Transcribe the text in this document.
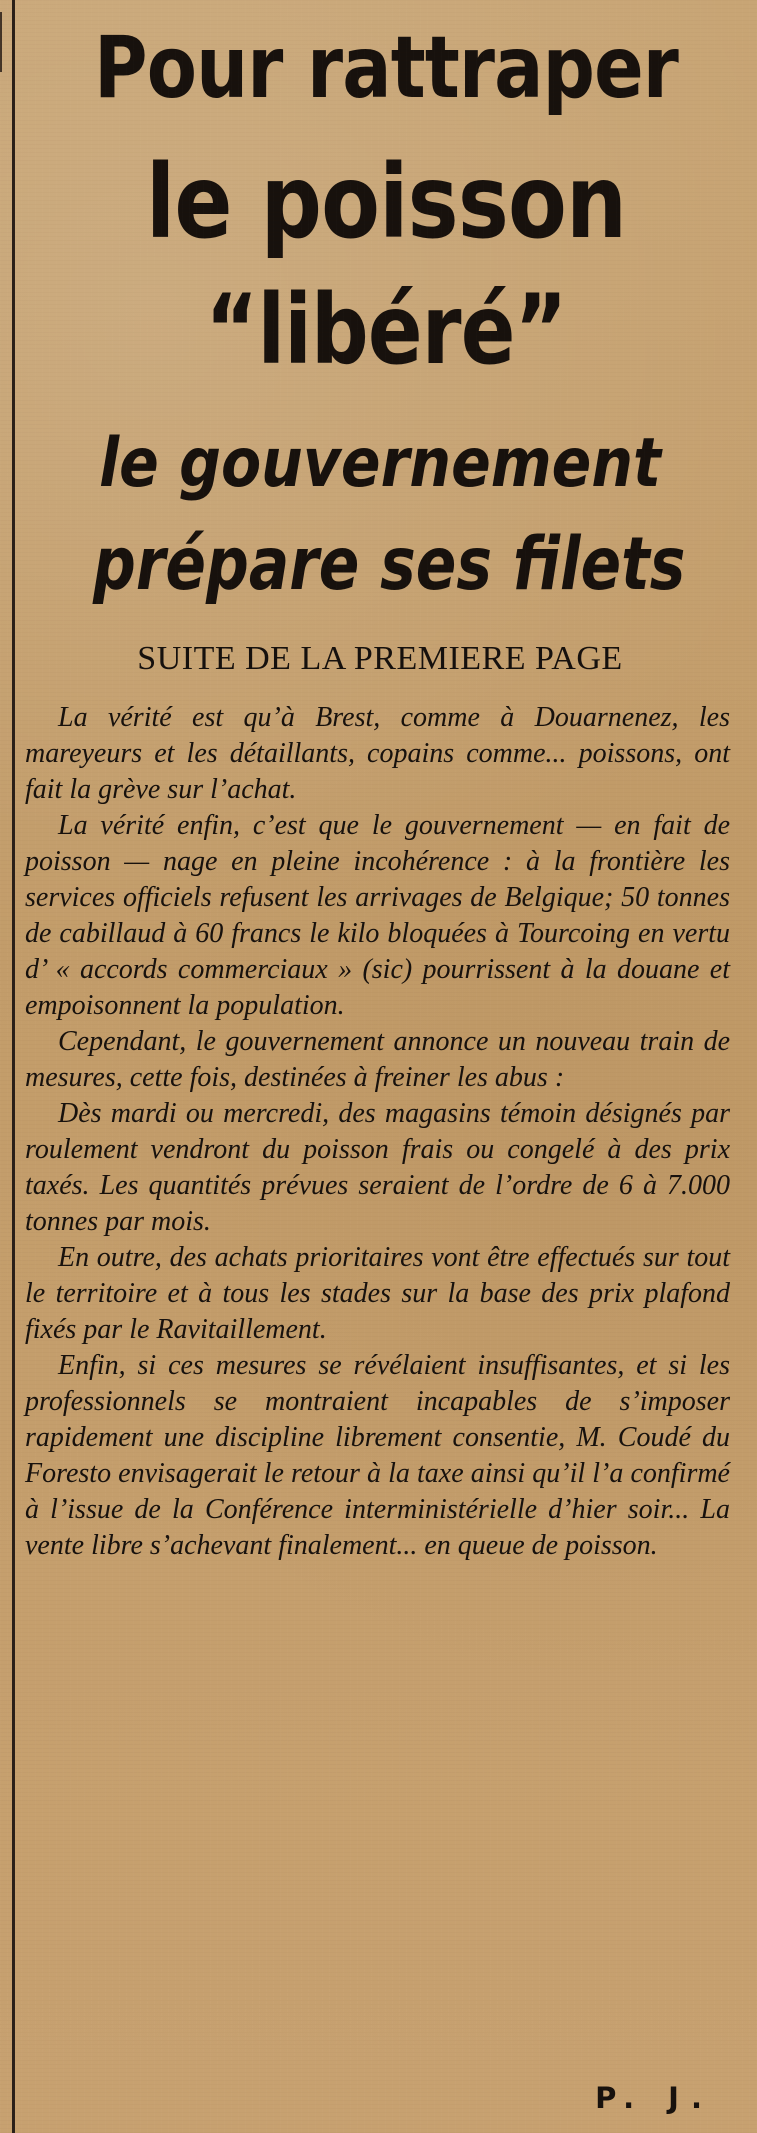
Pour rattraper
le poisson
“libéré”
le gouvernement
prépare ses filets
SUITE DE LA PREMIERE PAGE

La vérité est qu’à Brest, comme à Douarnenez, les mareyeurs et les détaillants, copains comme... poissons, ont fait la grève sur l’achat.

La vérité enfin, c’est que le gouvernement — en fait de poisson — nage en pleine incohérence : à la frontière les services officiels refusent les arrivages de Belgique; 50 tonnes de cabillaud à 60 francs le kilo bloquées à Tourcoing en vertu d’ « accords commerciaux » (sic) pourrissent à la douane et empoisonnent la population.

Cependant, le gouvernement annonce un nouveau train de mesures, cette fois, destinées à freiner les abus :

Dès mardi ou mercredi, des magasins témoin désignés par roulement vendront du poisson frais ou congelé à des prix taxés. Les quantités prévues seraient de l’ordre de 6 à 7.000 tonnes par mois.

En outre, des achats prioritaires vont être effectués sur tout le territoire et à tous les stades sur la base des prix plafond fixés par le Ravitaillement.

Enfin, si ces mesures se révélaient insuffisantes, et si les professionnels se montraient incapables de s’imposer rapidement une discipline librement consentie, M. Coudé du Foresto envisagerait le retour à la taxe ainsi qu’il l’a confirmé à l’issue de la Conférence interministérielle d’hier soir... La vente libre s’achevant finalement... en queue de poisson.

P. J.
